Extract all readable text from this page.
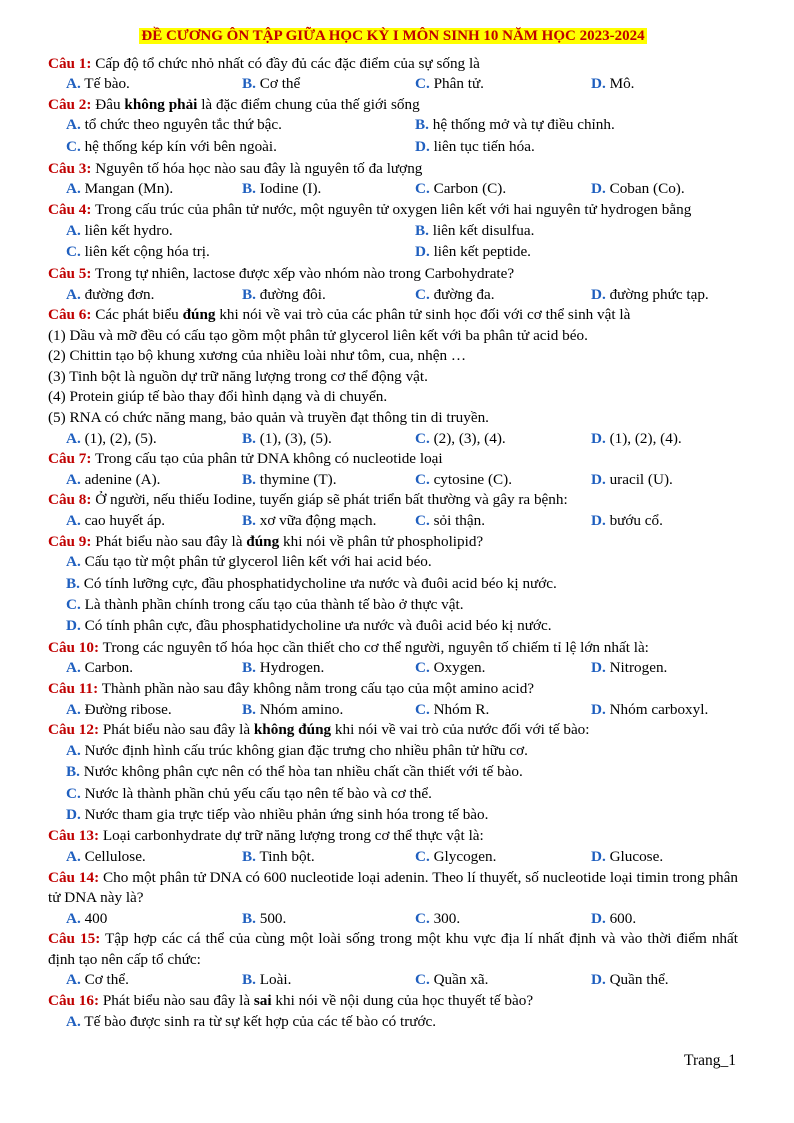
ĐỀ CƯƠNG ÔN TẬP GIỮA HỌC KỲ I MÔN SINH 10 NĂM HỌC 2023-2024

Câu 1: Cấp độ tổ chức nhỏ nhất có đầy đủ các đặc điểm của sự sống là

A. Tế bào.	B. Cơ thể	C. Phân tử.	D. Mô.

Câu 2: Đâu không phải là đặc điểm chung của thế giới sống

A. tổ chức theo nguyên tắc thứ bậc.	B. hệ thống mở và tự điều chỉnh.
C. hệ thống kép kín với bên ngoài.	D. liên tục tiến hóa.

Câu 3: Nguyên tố hóa học nào sau đây là nguyên tố đa lượng

A. Mangan (Mn).	B. Iodine (I).	C. Carbon (C).	D. Coban (Co).

Câu 4: Trong cấu trúc của phân tử nước, một nguyên tử oxygen liên kết với hai nguyên tử hydrogen bằng

A. liên kết hydro.	B. liên kết disulfua.
C. liên kết cộng hóa trị.	D. liên kết peptide.

Câu 5: Trong tự nhiên, lactose được xếp vào nhóm nào trong Carbohydrate?

A. đường đơn.	B. đường đôi.	C. đường đa.	D. đường phức tạp.

Câu 6: Các phát biểu đúng khi nói về vai trò của các phân tử sinh học đối với cơ thể sinh vật là

(1) Dầu và mỡ đều có cấu tạo gồm một phân tử glycerol liên kết với ba phân tử acid béo.

(2) Chittin tạo bộ khung xương của nhiều loài như tôm, cua, nhện …

(3) Tinh bột là nguồn dự trữ năng lượng trong cơ thể động vật.

(4) Protein giúp tế bào thay đổi hình dạng và di chuyển.

(5) RNA có chức năng mang, bảo quản và truyền đạt thông tin di truyền.

A. (1), (2), (5).	B. (1), (3), (5).	C. (2), (3), (4).	D. (1), (2), (4).

Câu 7: Trong cấu tạo của phân tử DNA không có nucleotide loại

A. adenine (A).	B. thymine (T).	C. cytosine (C).	D. uracil (U).

Câu 8: Ở người, nếu thiếu Iodine, tuyến giáp sẽ phát triển bất thường và gây ra bệnh:

A. cao huyết áp.	B. xơ vữa động mạch.	C. sỏi thận.	D. bướu cổ.

Câu 9: Phát biểu nào sau đây là đúng khi nói về phân tử phospholipid?

A. Cấu tạo từ một phân tử glycerol liên kết với hai acid béo.

B. Có tính lưỡng cực, đầu phosphatidycholine ưa nước và đuôi acid béo kị nước.

C. Là thành phần chính trong cấu tạo của thành tế bào ở thực vật.

D. Có tính phân cực, đầu phosphatidycholine ưa nước và đuôi acid béo kị nước.

Câu 10: Trong các nguyên tố hóa học cần thiết cho cơ thể người, nguyên tố chiếm tỉ lệ lớn nhất là:

A. Carbon.	B. Hydrogen.	C. Oxygen.	D. Nitrogen.

Câu 11: Thành phần nào sau đây không nằm trong cấu tạo của một amino acid?

A. Đường ribose.	B. Nhóm amino.	C. Nhóm R.	D. Nhóm carboxyl.

Câu 12: Phát biểu nào sau đây là không đúng khi nói về vai trò của nước đối với tế bào:

A. Nước định hình cấu trúc không gian đặc trưng cho nhiều phân tử hữu cơ.

B. Nước không phân cực nên có thể hòa tan nhiều chất cần thiết với tế bào.

C. Nước là thành phần chủ yếu cấu tạo nên tế bào và cơ thể.

D. Nước tham gia trực tiếp vào nhiều phản ứng sinh hóa trong tế bào.

Câu 13: Loại carbonhydrate dự trữ năng lượng trong cơ thể thực vật là:

A. Cellulose.	B. Tinh bột.	C. Glycogen.	D. Glucose.

Câu 14: Cho một phân tử DNA có 600 nucleotide loại adenin. Theo lí thuyết, số nucleotide loại timin trong phân tử DNA này là?

A. 400	B. 500.	C. 300.	D. 600.

Câu 15: Tập hợp các cá thể của cùng một loài sống trong một khu vực địa lí nhất định và vào thời điểm nhất định tạo nên cấp tổ chức:

A. Cơ thể.	B. Loài.	C. Quần xã.	D. Quần thể.

Câu 16: Phát biểu nào sau đây là sai khi nói về nội dung của học thuyết tế bào?

A. Tế bào được sinh ra từ sự kết hợp của các tế bào có trước.

Trang_1
